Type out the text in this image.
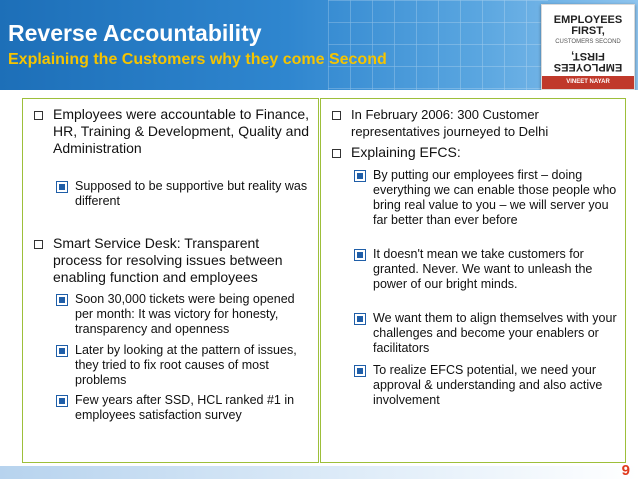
Reverse Accountability
Explaining the Customers why they come Second
EMPLOYEES
FIRST,
CUSTOMERS SECOND
EMPLOYEES
FIRST,
VINEET NAYAR
Employees were accountable to Finance, HR, Training & Development, Quality and Administration
Supposed to be supportive but reality was different
Smart Service Desk: Transparent process for resolving issues between enabling function and employees
Soon 30,000 tickets were being opened per month: It was victory for honesty, transparency and openness
Later by looking at the pattern of issues, they tried to fix root causes of most problems
Few years after SSD, HCL ranked #1 in employees satisfaction survey
In February 2006: 300 Customer representatives journeyed to Delhi
Explaining EFCS:
By putting our employees first – doing everything we can enable those people who bring real value to you – we will server you far better than ever before
It doesn't mean we take customers for granted. Never. We want to unleash the power of our bright minds.
We want them to align themselves with your challenges and become your enablers or facilitators
To realize EFCS potential, we need your approval & understanding and also active involvement
9
